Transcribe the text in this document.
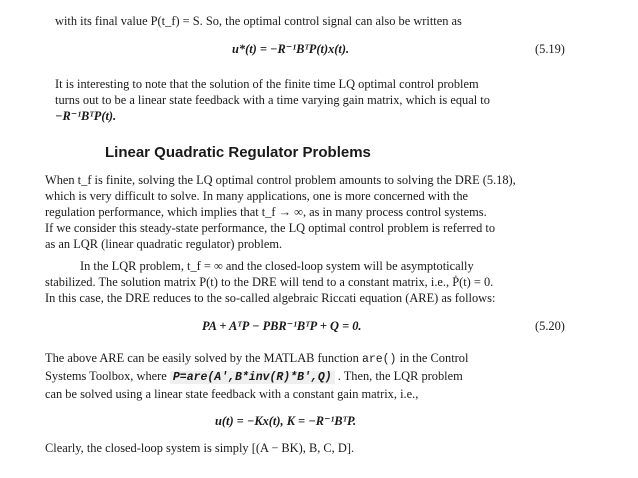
with its final value P(t_f) = S. So, the optimal control signal can also be written as
u*(t) = −R⁻¹BᵀP(t)x(t).	(5.19)
It is interesting to note that the solution of the finite time LQ optimal control problem
turns out to be a linear state feedback with a time varying gain matrix, which is equal to
−R⁻¹BᵀP(t).
Linear Quadratic Regulator Problems
When t_f is finite, solving the LQ optimal control problem amounts to solving the DRE (5.18),
which is very difficult to solve. In many applications, one is more concerned with the
regulation performance, which implies that t_f → ∞, as in many process control systems.
If we consider this steady-state performance, the LQ optimal control problem is referred to
as an LQR (linear quadratic regulator) problem.
In the LQR problem, t_f = ∞ and the closed-loop system will be asymptotically
stabilized. The solution matrix P(t) to the DRE will tend to a constant matrix, i.e., Ṗ(t) = 0.
In this case, the DRE reduces to the so-called algebraic Riccati equation (ARE) as follows:
PA + AᵀP − PBR⁻¹BᵀP + Q = 0.	(5.20)
The above ARE can be easily solved by the MATLAB function are() in the Control
Systems Toolbox, where P=are(A′,B*inv(R)*B′,Q) . Then, the LQR problem
can be solved using a linear state feedback with a constant gain matrix, i.e.,
u(t) = −Kx(t), K = −R⁻¹BᵀP.
Clearly, the closed-loop system is simply [(A − BK), B, C, D].
